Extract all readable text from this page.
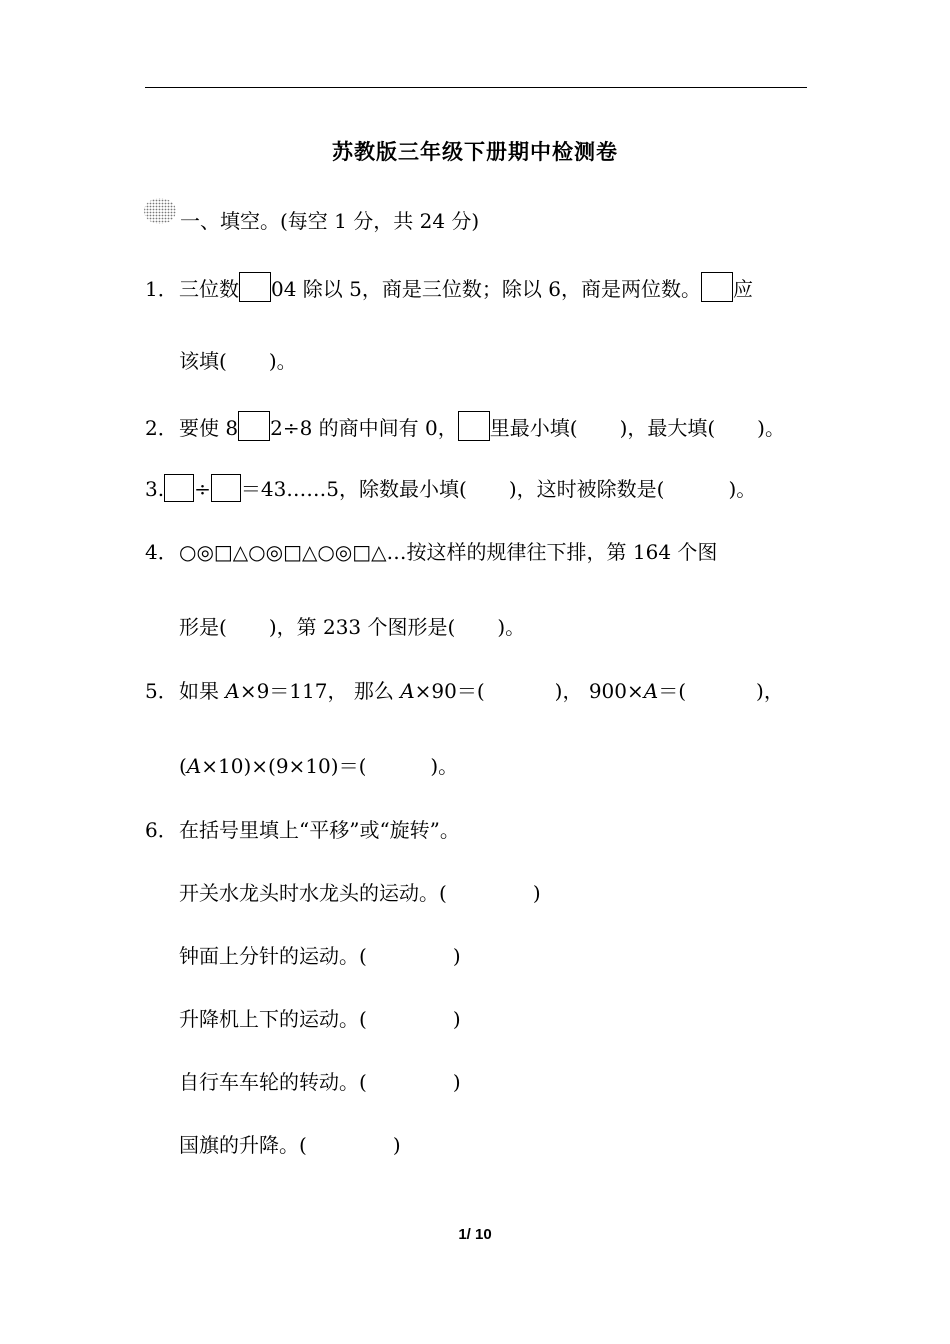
苏教版三年级下册期中检测卷
一、填空。(每空 1 分，共 24 分)
1．三位数 04 除以 5，商是三位数；除以 6，商是两位数。 应
该填( )。
2．要使 8 2÷8 的商中间有 0， 里最小填( )，最大填( )。
3. ÷ ＝43……5，除数最小填( )，这时被除数是(	)。
4．○◎□△○◎□△○◎□△…按这样的规律往下排，第 164 个图
形是( )，第 233 个图形是( )。
5．如果 A×9＝117， 那么 A×90＝(	)， 900×A＝(	)，
(A×10)×(9×10)＝(	)。
6．在括号里填上“平移”或“旋转”。
开关水龙头时水龙头的运动。(	)
钟面上分针的运动。(	)
升降机上下的运动。(	)
自行车车轮的转动。(	)
国旗的升降。(	)
1/ 10
